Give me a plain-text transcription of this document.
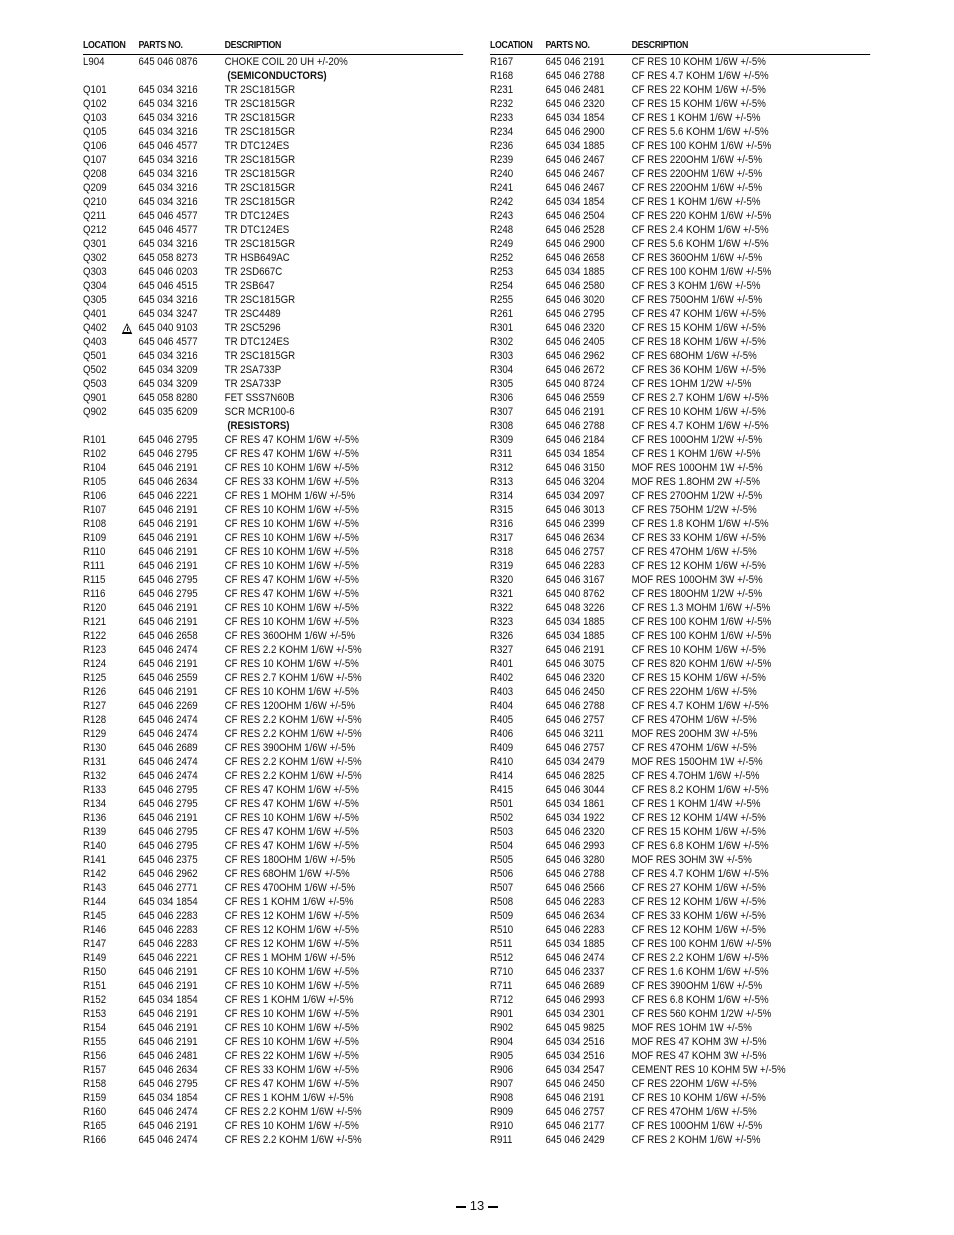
LOCATION	PARTS NO.	DESCRIPTION
L904	645 046 0876	CHOKE COIL 20 UH +/-20%
(SEMICONDUCTORS)
Q101	645 034 3216	TR 2SC1815GR
Q102	645 034 3216	TR 2SC1815GR
Q103	645 034 3216	TR 2SC1815GR
Q105	645 034 3216	TR 2SC1815GR
Q106	645 046 4577	TR DTC124ES
Q107	645 034 3216	TR 2SC1815GR
Q208	645 034 3216	TR 2SC1815GR
Q209	645 034 3216	TR 2SC1815GR
Q210	645 034 3216	TR 2SC1815GR
Q211	645 046 4577	TR DTC124ES
Q212	645 046 4577	TR DTC124ES
Q301	645 034 3216	TR 2SC1815GR
Q302	645 058 8273	TR HSB649AC
Q303	645 046 0203	TR 2SD667C
Q304	645 046 4515	TR 2SB647
Q305	645 034 3216	TR 2SC1815GR
Q401	645 034 3247	TR 2SC4489
Q402	645 040 9103	TR 2SC5296
Q403	645 046 4577	TR DTC124ES
Q501	645 034 3216	TR 2SC1815GR
Q502	645 034 3209	TR 2SA733P
Q503	645 034 3209	TR 2SA733P
Q901	645 058 8280	FET SSS7N60B
Q902	645 035 6209	SCR MCR100-6
(RESISTORS)
R101	645 046 2795	CF RES 47 KOHM 1/6W +/-5%
R102	645 046 2795	CF RES 47 KOHM 1/6W +/-5%
R104	645 046 2191	CF RES 10 KOHM 1/6W +/-5%
R105	645 046 2634	CF RES 33 KOHM 1/6W +/-5%
R106	645 046 2221	CF RES 1 MOHM 1/6W +/-5%
R107	645 046 2191	CF RES 10 KOHM 1/6W +/-5%
R108	645 046 2191	CF RES 10 KOHM 1/6W +/-5%
R109	645 046 2191	CF RES 10 KOHM 1/6W +/-5%
R110	645 046 2191	CF RES 10 KOHM 1/6W +/-5%
R111	645 046 2191	CF RES 10 KOHM 1/6W +/-5%
R115	645 046 2795	CF RES 47 KOHM 1/6W +/-5%
R116	645 046 2795	CF RES 47 KOHM 1/6W +/-5%
R120	645 046 2191	CF RES 10 KOHM 1/6W +/-5%
R121	645 046 2191	CF RES 10 KOHM 1/6W +/-5%
R122	645 046 2658	CF RES 360OHM 1/6W +/-5%
R123	645 046 2474	CF RES 2.2 KOHM 1/6W +/-5%
R124	645 046 2191	CF RES 10 KOHM 1/6W +/-5%
R125	645 046 2559	CF RES 2.7 KOHM 1/6W +/-5%
R126	645 046 2191	CF RES 10 KOHM 1/6W +/-5%
R127	645 046 2269	CF RES 120OHM 1/6W +/-5%
R128	645 046 2474	CF RES 2.2 KOHM 1/6W +/-5%
R129	645 046 2474	CF RES 2.2 KOHM 1/6W +/-5%
R130	645 046 2689	CF RES 390OHM 1/6W +/-5%
R131	645 046 2474	CF RES 2.2 KOHM 1/6W +/-5%
R132	645 046 2474	CF RES 2.2 KOHM 1/6W +/-5%
R133	645 046 2795	CF RES 47 KOHM 1/6W +/-5%
R134	645 046 2795	CF RES 47 KOHM 1/6W +/-5%
R136	645 046 2191	CF RES 10 KOHM 1/6W +/-5%
R139	645 046 2795	CF RES 47 KOHM 1/6W +/-5%
R140	645 046 2795	CF RES 47 KOHM 1/6W +/-5%
R141	645 046 2375	CF RES 180OHM 1/6W +/-5%
R142	645 046 2962	CF RES 68OHM 1/6W +/-5%
R143	645 046 2771	CF RES 470OHM 1/6W +/-5%
R144	645 034 1854	CF RES 1 KOHM 1/6W +/-5%
R145	645 046 2283	CF RES 12 KOHM 1/6W +/-5%
R146	645 046 2283	CF RES 12 KOHM 1/6W +/-5%
R147	645 046 2283	CF RES 12 KOHM 1/6W +/-5%
R149	645 046 2221	CF RES 1 MOHM 1/6W +/-5%
R150	645 046 2191	CF RES 10 KOHM 1/6W +/-5%
R151	645 046 2191	CF RES 10 KOHM 1/6W +/-5%
R152	645 034 1854	CF RES 1 KOHM 1/6W +/-5%
R153	645 046 2191	CF RES 10 KOHM 1/6W +/-5%
R154	645 046 2191	CF RES 10 KOHM 1/6W +/-5%
R155	645 046 2191	CF RES 10 KOHM 1/6W +/-5%
R156	645 046 2481	CF RES 22 KOHM 1/6W +/-5%
R157	645 046 2634	CF RES 33 KOHM 1/6W +/-5%
R158	645 046 2795	CF RES 47 KOHM 1/6W +/-5%
R159	645 034 1854	CF RES 1 KOHM 1/6W +/-5%
R160	645 046 2474	CF RES 2.2 KOHM 1/6W +/-5%
R165	645 046 2191	CF RES 10 KOHM 1/6W +/-5%
R166	645 046 2474	CF RES 2.2 KOHM 1/6W +/-5%
LOCATION	PARTS NO.	DESCRIPTION
R167	645 046 2191	CF RES 10 KOHM 1/6W +/-5%
R168	645 046 2788	CF RES 4.7 KOHM 1/6W +/-5%
R231	645 046 2481	CF RES 22 KOHM 1/6W +/-5%
R232	645 046 2320	CF RES 15 KOHM 1/6W +/-5%
R233	645 034 1854	CF RES 1 KOHM 1/6W +/-5%
R234	645 046 2900	CF RES 5.6 KOHM 1/6W +/-5%
R236	645 034 1885	CF RES 100 KOHM 1/6W +/-5%
R239	645 046 2467	CF RES 220OHM 1/6W +/-5%
R240	645 046 2467	CF RES 220OHM 1/6W +/-5%
R241	645 046 2467	CF RES 220OHM 1/6W +/-5%
R242	645 034 1854	CF RES 1 KOHM 1/6W +/-5%
R243	645 046 2504	CF RES 220 KOHM 1/6W +/-5%
R248	645 046 2528	CF RES 2.4 KOHM 1/6W +/-5%
R249	645 046 2900	CF RES 5.6 KOHM 1/6W +/-5%
R252	645 046 2658	CF RES 360OHM 1/6W +/-5%
R253	645 034 1885	CF RES 100 KOHM 1/6W +/-5%
R254	645 046 2580	CF RES 3 KOHM 1/6W +/-5%
R255	645 046 3020	CF RES 750OHM 1/6W +/-5%
R261	645 046 2795	CF RES 47 KOHM 1/6W +/-5%
R301	645 046 2320	CF RES 15 KOHM 1/6W +/-5%
R302	645 046 2405	CF RES 18 KOHM 1/6W +/-5%
R303	645 046 2962	CF RES 68OHM 1/6W +/-5%
R304	645 046 2672	CF RES 36 KOHM 1/6W +/-5%
R305	645 040 8724	CF RES 1OHM 1/2W +/-5%
R306	645 046 2559	CF RES 2.7 KOHM 1/6W +/-5%
R307	645 046 2191	CF RES 10 KOHM 1/6W +/-5%
R308	645 046 2788	CF RES 4.7 KOHM 1/6W +/-5%
R309	645 046 2184	CF RES 100OHM 1/2W +/-5%
R311	645 034 1854	CF RES 1 KOHM 1/6W +/-5%
R312	645 046 3150	MOF RES 100OHM 1W +/-5%
R313	645 046 3204	MOF RES 1.8OHM 2W +/-5%
R314	645 034 2097	CF RES 270OHM 1/2W +/-5%
R315	645 046 3013	CF RES 75OHM 1/2W +/-5%
R316	645 046 2399	CF RES 1.8 KOHM 1/6W +/-5%
R317	645 046 2634	CF RES 33 KOHM 1/6W +/-5%
R318	645 046 2757	CF RES 47OHM 1/6W +/-5%
R319	645 046 2283	CF RES 12 KOHM 1/6W +/-5%
R320	645 046 3167	MOF RES 100OHM 3W +/-5%
R321	645 040 8762	CF RES 180OHM 1/2W +/-5%
R322	645 048 3226	CF RES 1.3 MOHM 1/6W +/-5%
R323	645 034 1885	CF RES 100 KOHM 1/6W +/-5%
R326	645 034 1885	CF RES 100 KOHM 1/6W +/-5%
R327	645 046 2191	CF RES 10 KOHM 1/6W +/-5%
R401	645 046 3075	CF RES 820 KOHM 1/6W +/-5%
R402	645 046 2320	CF RES 15 KOHM 1/6W +/-5%
R403	645 046 2450	CF RES 22OHM 1/6W +/-5%
R404	645 046 2788	CF RES 4.7 KOHM 1/6W +/-5%
R405	645 046 2757	CF RES 47OHM 1/6W +/-5%
R406	645 046 3211	MOF RES 20OHM 3W +/-5%
R409	645 046 2757	CF RES 47OHM 1/6W +/-5%
R410	645 034 2479	MOF RES 150OHM 1W +/-5%
R414	645 046 2825	CF RES 4.7OHM 1/6W +/-5%
R415	645 046 3044	CF RES 8.2 KOHM 1/6W +/-5%
R501	645 034 1861	CF RES 1 KOHM 1/4W +/-5%
R502	645 034 1922	CF RES 12 KOHM 1/4W +/-5%
R503	645 046 2320	CF RES 15 KOHM 1/6W +/-5%
R504	645 046 2993	CF RES 6.8 KOHM 1/6W +/-5%
R505	645 046 3280	MOF RES 3OHM 3W +/-5%
R506	645 046 2788	CF RES 4.7 KOHM 1/6W +/-5%
R507	645 046 2566	CF RES 27 KOHM 1/6W +/-5%
R508	645 046 2283	CF RES 12 KOHM 1/6W +/-5%
R509	645 046 2634	CF RES 33 KOHM 1/6W +/-5%
R510	645 046 2283	CF RES 12 KOHM 1/6W +/-5%
R511	645 034 1885	CF RES 100 KOHM 1/6W +/-5%
R512	645 046 2474	CF RES 2.2 KOHM 1/6W +/-5%
R710	645 046 2337	CF RES 1.6 KOHM 1/6W +/-5%
R711	645 046 2689	CF RES 390OHM 1/6W +/-5%
R712	645 046 2993	CF RES 6.8 KOHM 1/6W +/-5%
R901	645 034 2301	CF RES 560 KOHM 1/2W +/-5%
R902	645 045 9825	MOF RES 1OHM 1W +/-5%
R904	645 034 2516	MOF RES 47 KOHM 3W +/-5%
R905	645 034 2516	MOF RES 47 KOHM 3W +/-5%
R906	645 034 2547	CEMENT RES 10 KOHM 5W +/-5%
R907	645 046 2450	CF RES 22OHM 1/6W +/-5%
R908	645 046 2191	CF RES 10 KOHM 1/6W +/-5%
R909	645 046 2757	CF RES 47OHM 1/6W +/-5%
R910	645 046 2177	CF RES 100OHM 1/6W +/-5%
R911	645 046 2429	CF RES 2 KOHM 1/6W +/-5%
13
